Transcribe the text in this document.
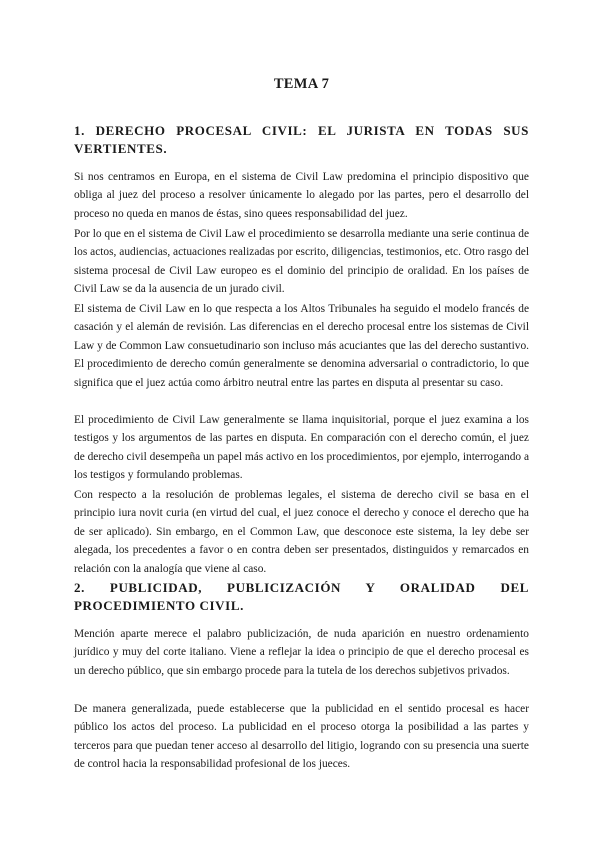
TEMA 7
1. DERECHO PROCESAL CIVIL: EL JURISTA EN TODAS SUS VERTIENTES.

Si nos centramos en Europa, en el sistema de Civil Law predomina el principio dispositivo que obliga al juez del proceso a resolver únicamente lo alegado por las partes, pero el desarrollo del proceso no queda en manos de éstas, sino quees responsabilidad del juez.

Por lo que en el sistema de Civil Law el procedimiento se desarrolla mediante una serie continua de los actos, audiencias, actuaciones realizadas por escrito, diligencias, testimonios, etc. Otro rasgo del sistema procesal de Civil Law europeo es el dominio del principio de oralidad. En los países de Civil Law se da la ausencia de un jurado civil.

El sistema de Civil Law en lo que respecta a los Altos Tribunales ha seguido el modelo francés de casación y el alemán de revisión. Las diferencias en el derecho procesal entre los sistemas de Civil Law y de Common Law consuetudinario son incluso más acuciantes que las del derecho sustantivo. El procedimiento de derecho común generalmente se denomina adversarial o contradictorio, lo que significa que el juez actúa como árbitro neutral entre las partes en disputa al presentar su caso.

El procedimiento de Civil Law generalmente se llama inquisitorial, porque el juez examina a los testigos y los argumentos de las partes en disputa. En comparación con el derecho común, el juez de derecho civil desempeña un papel más activo en los procedimientos, por ejemplo, interrogando a los testigos y formulando problemas.

Con respecto a la resolución de problemas legales, el sistema de derecho civil se basa en el principio iura novit curia (en virtud del cual, el juez conoce el derecho y conoce el derecho que ha de ser aplicado). Sin embargo, en el Common Law, que desconoce este sistema, la ley debe ser alegada, los precedentes a favor o en contra deben ser presentados, distinguidos y remarcados en relación con la analogía que viene al caso.

2. PUBLICIDAD, PUBLICIZACIÓN Y ORALIDAD DEL PROCEDIMIENTO CIVIL.

Mención aparte merece el palabro publicización, de nuda aparición en nuestro ordenamiento jurídico y muy del corte italiano. Viene a reflejar la idea o principio de que el derecho procesal es un derecho público, que sin embargo procede para la tutela de los derechos subjetivos privados.

De manera generalizada, puede establecerse que la publicidad en el sentido procesal es hacer público los actos del proceso. La publicidad en el proceso otorga la posibilidad a las partes y terceros para que puedan tener acceso al desarrollo del litigio, logrando con su presencia una suerte de control hacia la responsabilidad profesional de los jueces.
